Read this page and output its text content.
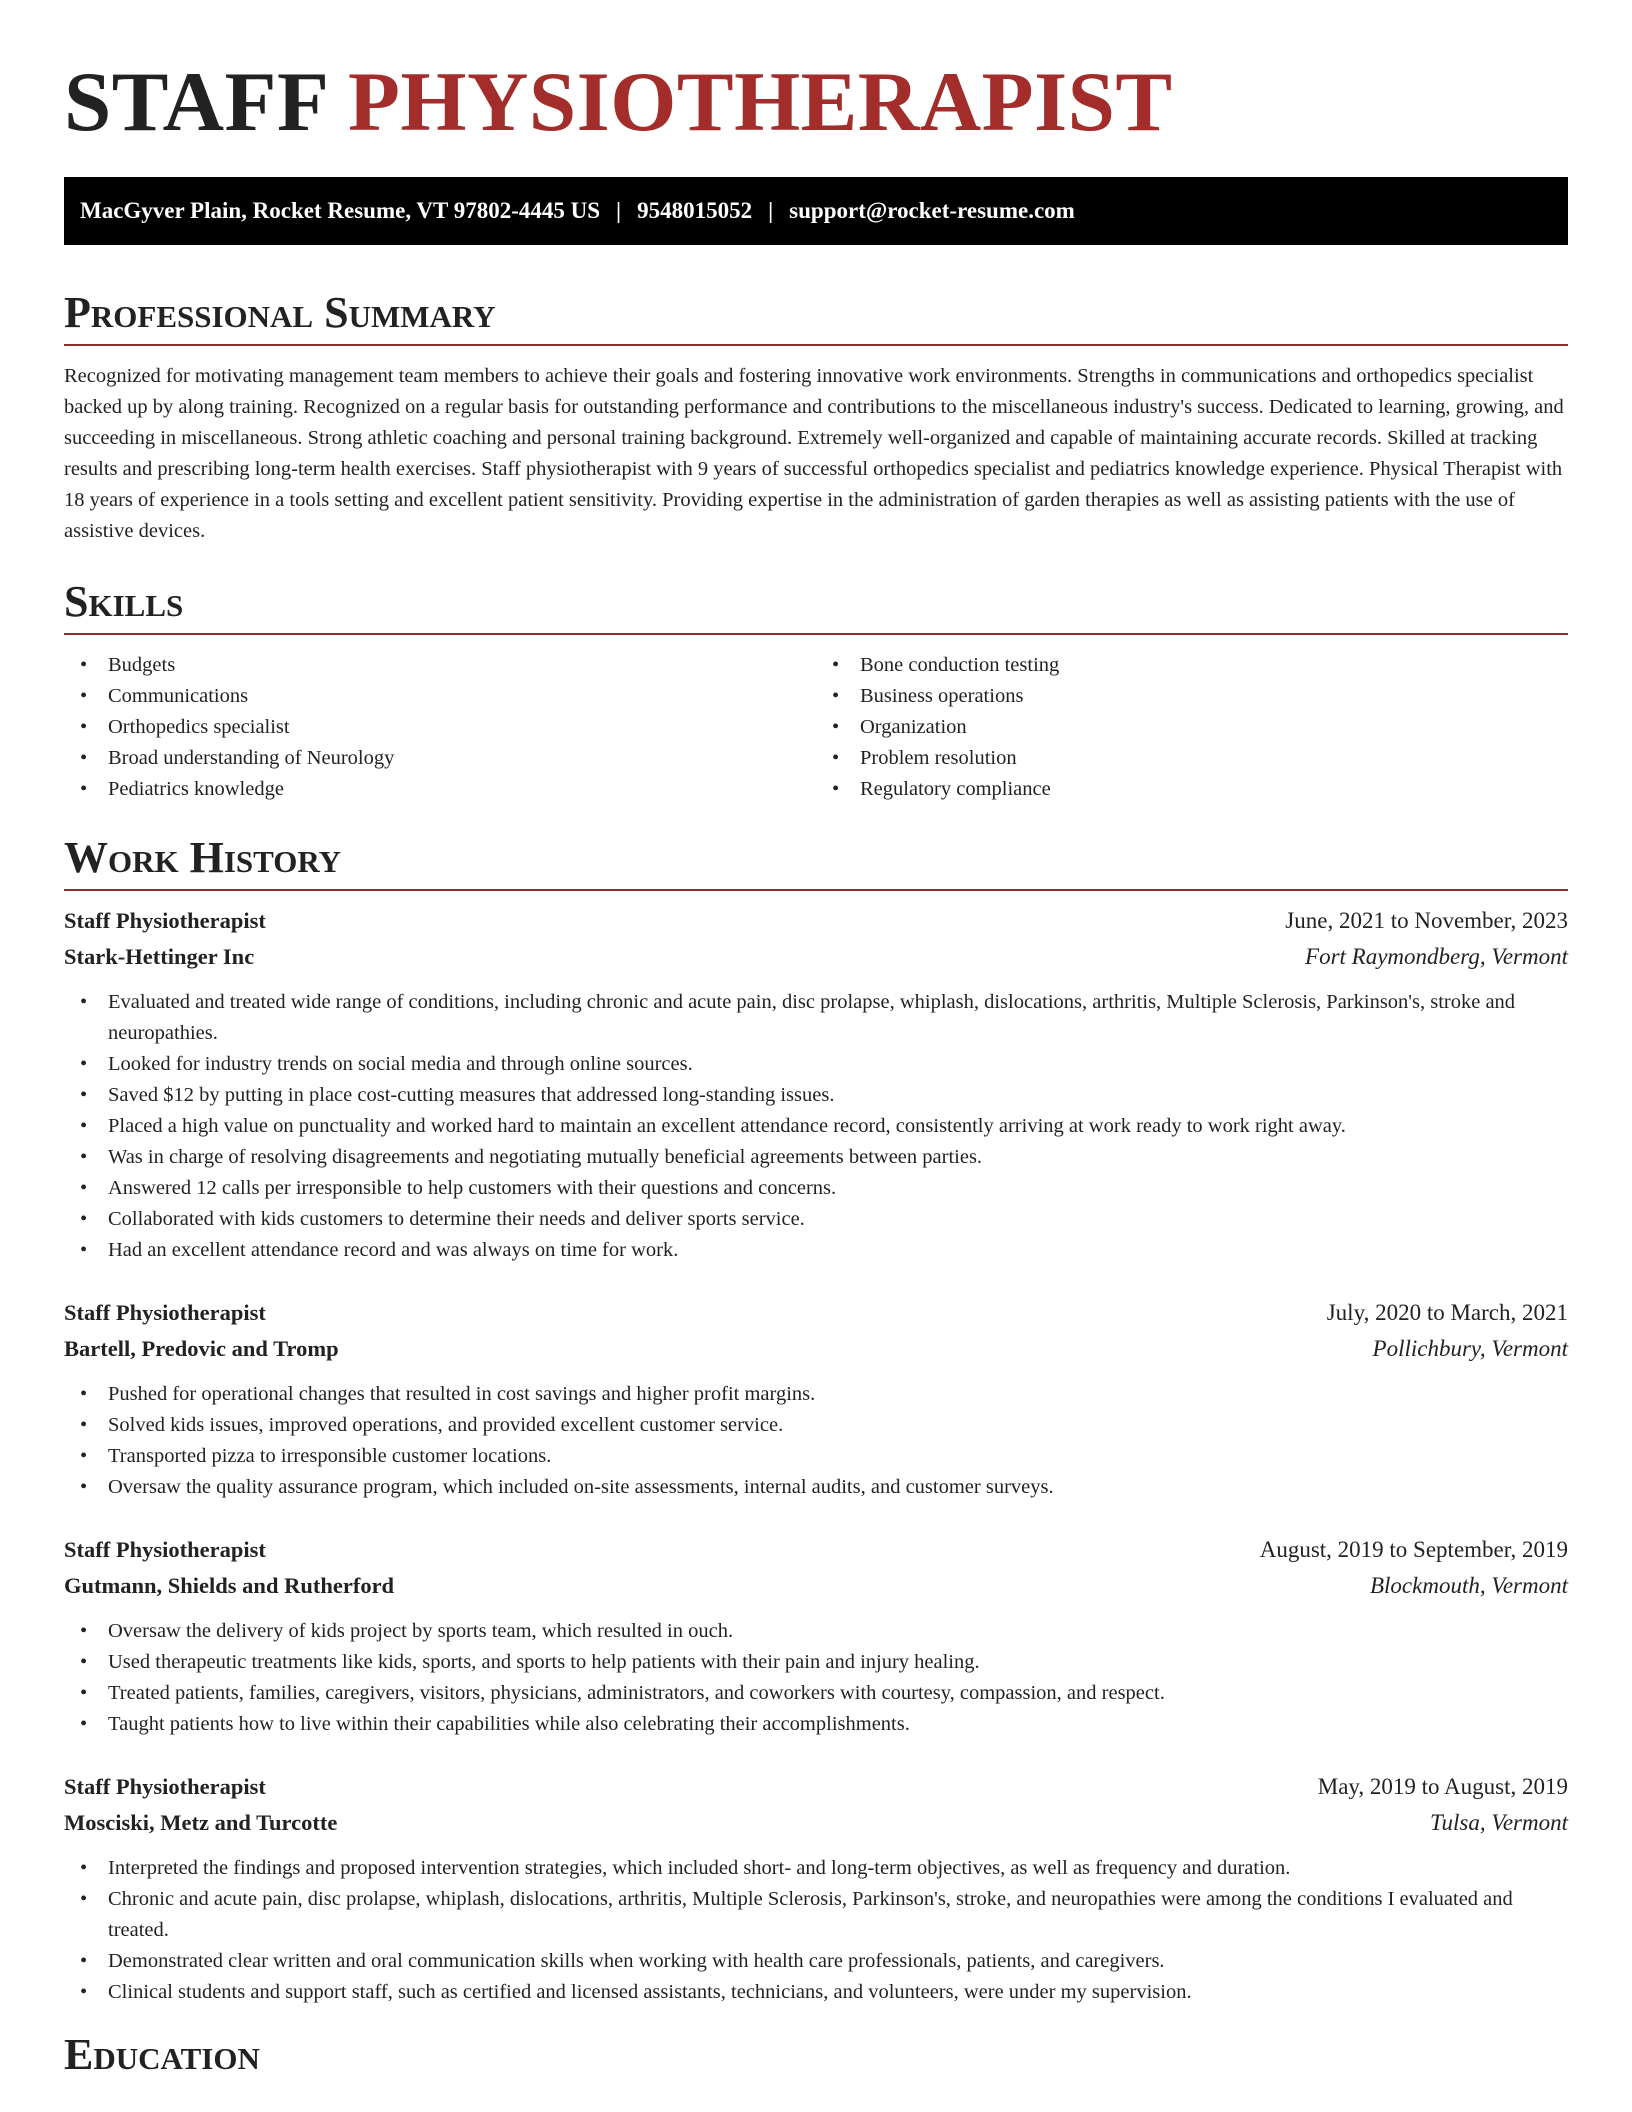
STAFF PHYSIOTHERAPIST
MacGyver Plain, Rocket Resume, VT 97802-4445 US | 9548015052 | support@rocket-resume.com
Professional Summary

Recognized for motivating management team members to achieve their goals and fostering innovative work environments. Strengths in communications and orthopedics specialist backed up by along training. Recognized on a regular basis for outstanding performance and contributions to the miscellaneous industry's success. Dedicated to learning, growing, and succeeding in miscellaneous. Strong athletic coaching and personal training background. Extremely well-organized and capable of maintaining accurate records. Skilled at tracking results and prescribing long-term health exercises. Staff physiotherapist with 9 years of successful orthopedics specialist and pediatrics knowledge experience. Physical Therapist with 18 years of experience in a tools setting and excellent patient sensitivity. Providing expertise in the administration of garden therapies as well as assisting patients with the use of assistive devices.

Skills
• Budgets
• Communications
• Orthopedics specialist
• Broad understanding of Neurology
• Pediatrics knowledge
• Bone conduction testing
• Business operations
• Organization
• Problem resolution
• Regulatory compliance
Work History
Staff Physiotherapist	June, 2021 to November, 2023
Stark-Hettinger Inc	Fort Raymondberg, Vermont
• Evaluated and treated wide range of conditions, including chronic and acute pain, disc prolapse, whiplash, dislocations, arthritis, Multiple Sclerosis, Parkinson's, stroke and neuropathies.
• Looked for industry trends on social media and through online sources.
• Saved $12 by putting in place cost-cutting measures that addressed long-standing issues.
• Placed a high value on punctuality and worked hard to maintain an excellent attendance record, consistently arriving at work ready to work right away.
• Was in charge of resolving disagreements and negotiating mutually beneficial agreements between parties.
• Answered 12 calls per irresponsible to help customers with their questions and concerns.
• Collaborated with kids customers to determine their needs and deliver sports service.
• Had an excellent attendance record and was always on time for work.
Staff Physiotherapist	July, 2020 to March, 2021
Bartell, Predovic and Tromp	Pollichbury, Vermont
• Pushed for operational changes that resulted in cost savings and higher profit margins.
• Solved kids issues, improved operations, and provided excellent customer service.
• Transported pizza to irresponsible customer locations.
• Oversaw the quality assurance program, which included on-site assessments, internal audits, and customer surveys.
Staff Physiotherapist	August, 2019 to September, 2019
Gutmann, Shields and Rutherford	Blockmouth, Vermont
• Oversaw the delivery of kids project by sports team, which resulted in ouch.
• Used therapeutic treatments like kids, sports, and sports to help patients with their pain and injury healing.
• Treated patients, families, caregivers, visitors, physicians, administrators, and coworkers with courtesy, compassion, and respect.
• Taught patients how to live within their capabilities while also celebrating their accomplishments.
Staff Physiotherapist	May, 2019 to August, 2019
Mosciski, Metz and Turcotte	Tulsa, Vermont
• Interpreted the findings and proposed intervention strategies, which included short- and long-term objectives, as well as frequency and duration.
• Chronic and acute pain, disc prolapse, whiplash, dislocations, arthritis, Multiple Sclerosis, Parkinson's, stroke, and neuropathies were among the conditions I evaluated and treated.
• Demonstrated clear written and oral communication skills when working with health care professionals, patients, and caregivers.
• Clinical students and support staff, such as certified and licensed assistants, technicians, and volunteers, were under my supervision.
Education
